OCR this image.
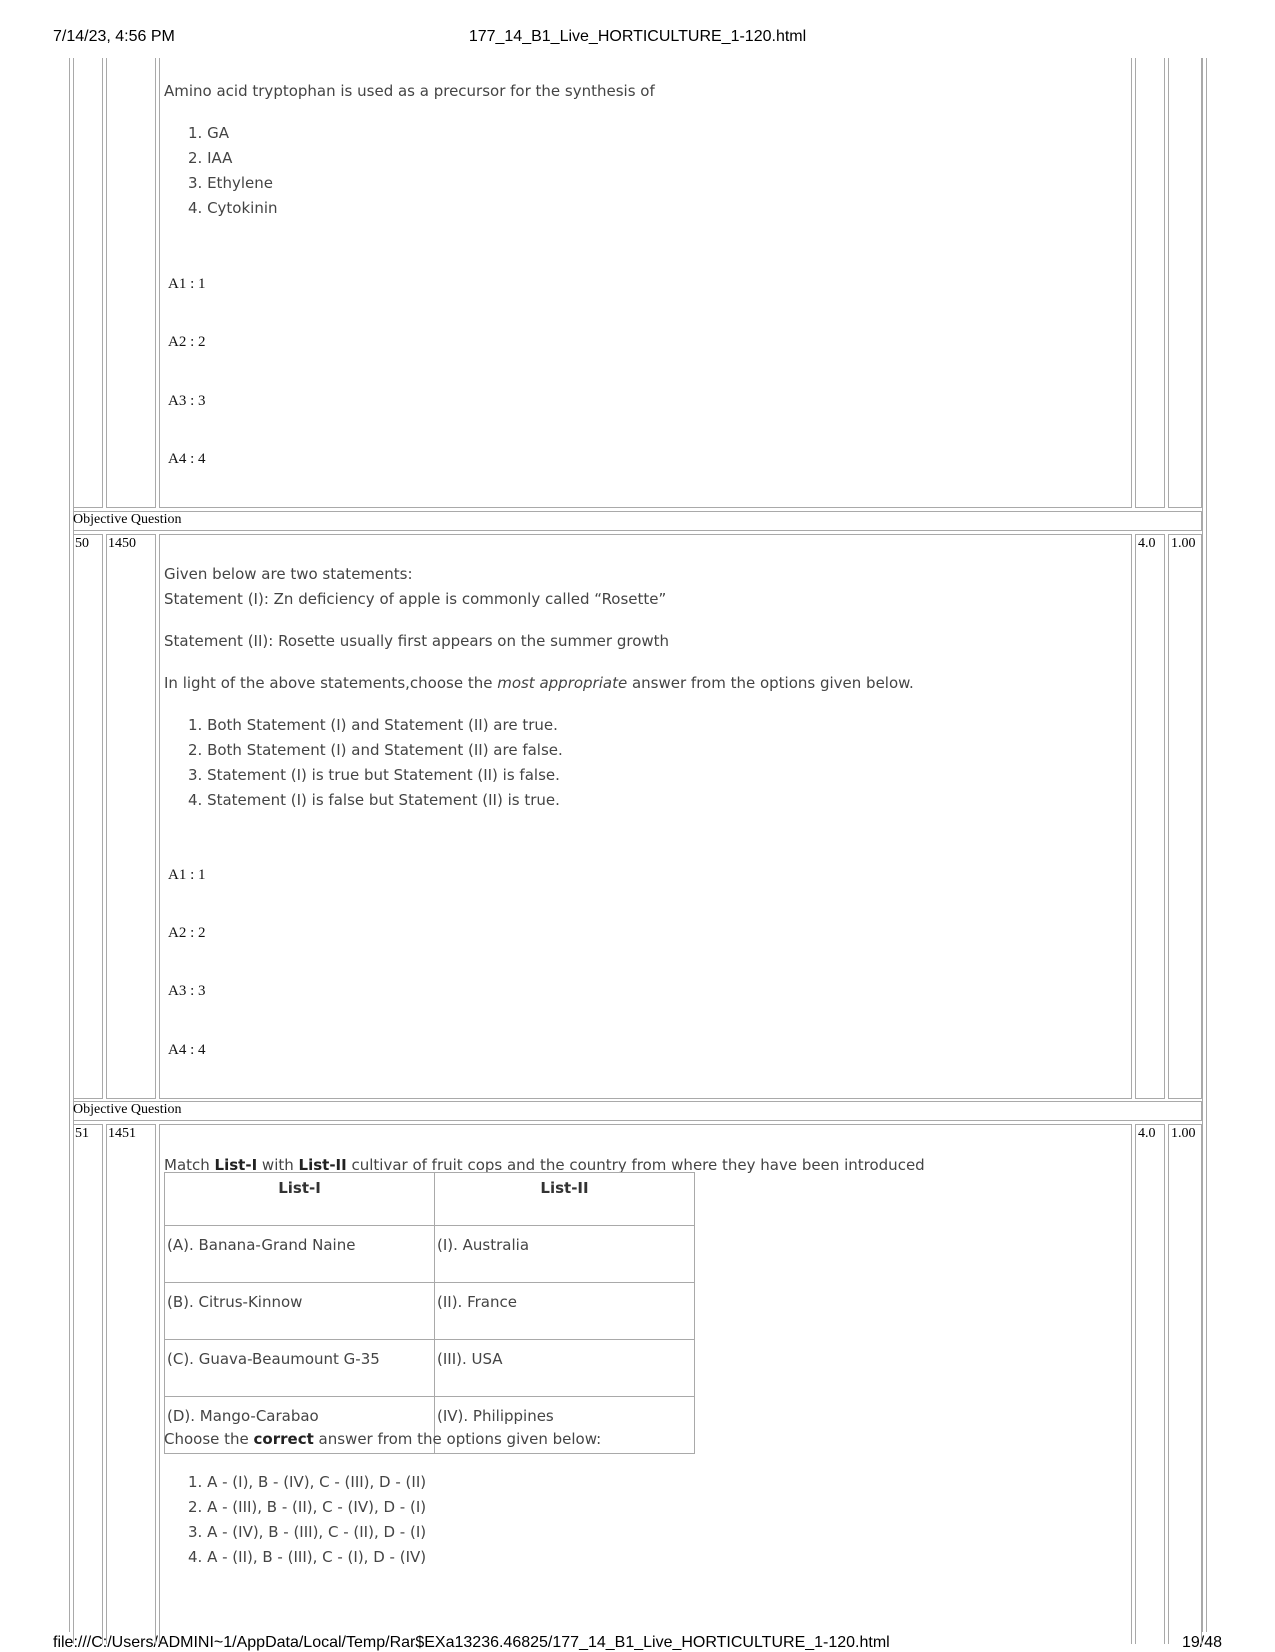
7/14/23, 4:56 PM	177_14_B1_Live_HORTICULTURE_1-120.html
file:///C:/Users/ADMINI~1/AppData/Local/Temp/Rar$EXa13236.46825/177_14_B1_Live_HORTICULTURE_1-120.html	19/48
Amino acid tryptophan is used as a precursor for the synthesis of
1. GA
2. IAA
3. Ethylene
4. Cytokinin
A1 : 1
A2 : 2
A3 : 3
A4 : 4
Objective Question
50 1450	4.0 1.00
Given below are two statements:
Statement (I): Zn deficiency of apple is commonly called “Rosette”
Statement (II): Rosette usually first appears on the summer growth
In light of the above statements,choose the most appropriate answer from the options given below.
1. Both Statement (I) and Statement (II) are true.
2. Both Statement (I) and Statement (II) are false.
3. Statement (I) is true but Statement (II) is false.
4. Statement (I) is false but Statement (II) is true.
A1 : 1
A2 : 2
A3 : 3
A4 : 4
Objective Question
51 1451	4.0 1.00
Match List-I with List-II cultivar of fruit cops and the country from where they have been introduced
List-I	List-II
(A). Banana-Grand Naine	(I). Australia
(B). Citrus-Kinnow	(II). France
(C). Guava-Beaumount G-35	(III). USA
(D). Mango-Carabao	(IV). Philippines
Choose the correct answer from the options given below:
1. A - (I), B - (IV), C - (III), D - (II)
2. A - (III), B - (II), C - (IV), D - (I)
3. A - (IV), B - (III), C - (II), D - (I)
4. A - (II), B - (III), C - (I), D - (IV)
